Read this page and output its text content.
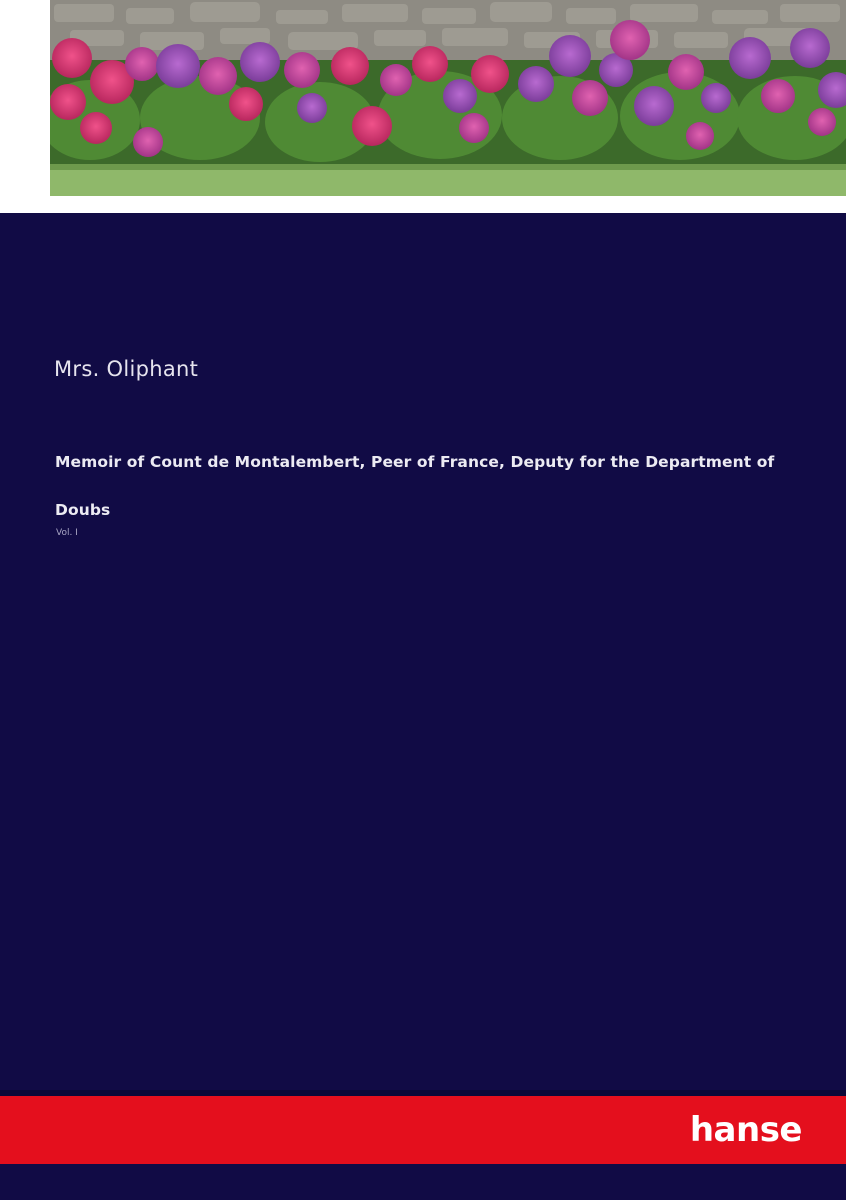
Mrs. Oliphant
Memoir of Count de Montalembert, Peer of France, Deputy for the Department of Doubs
Vol. I
hanse
